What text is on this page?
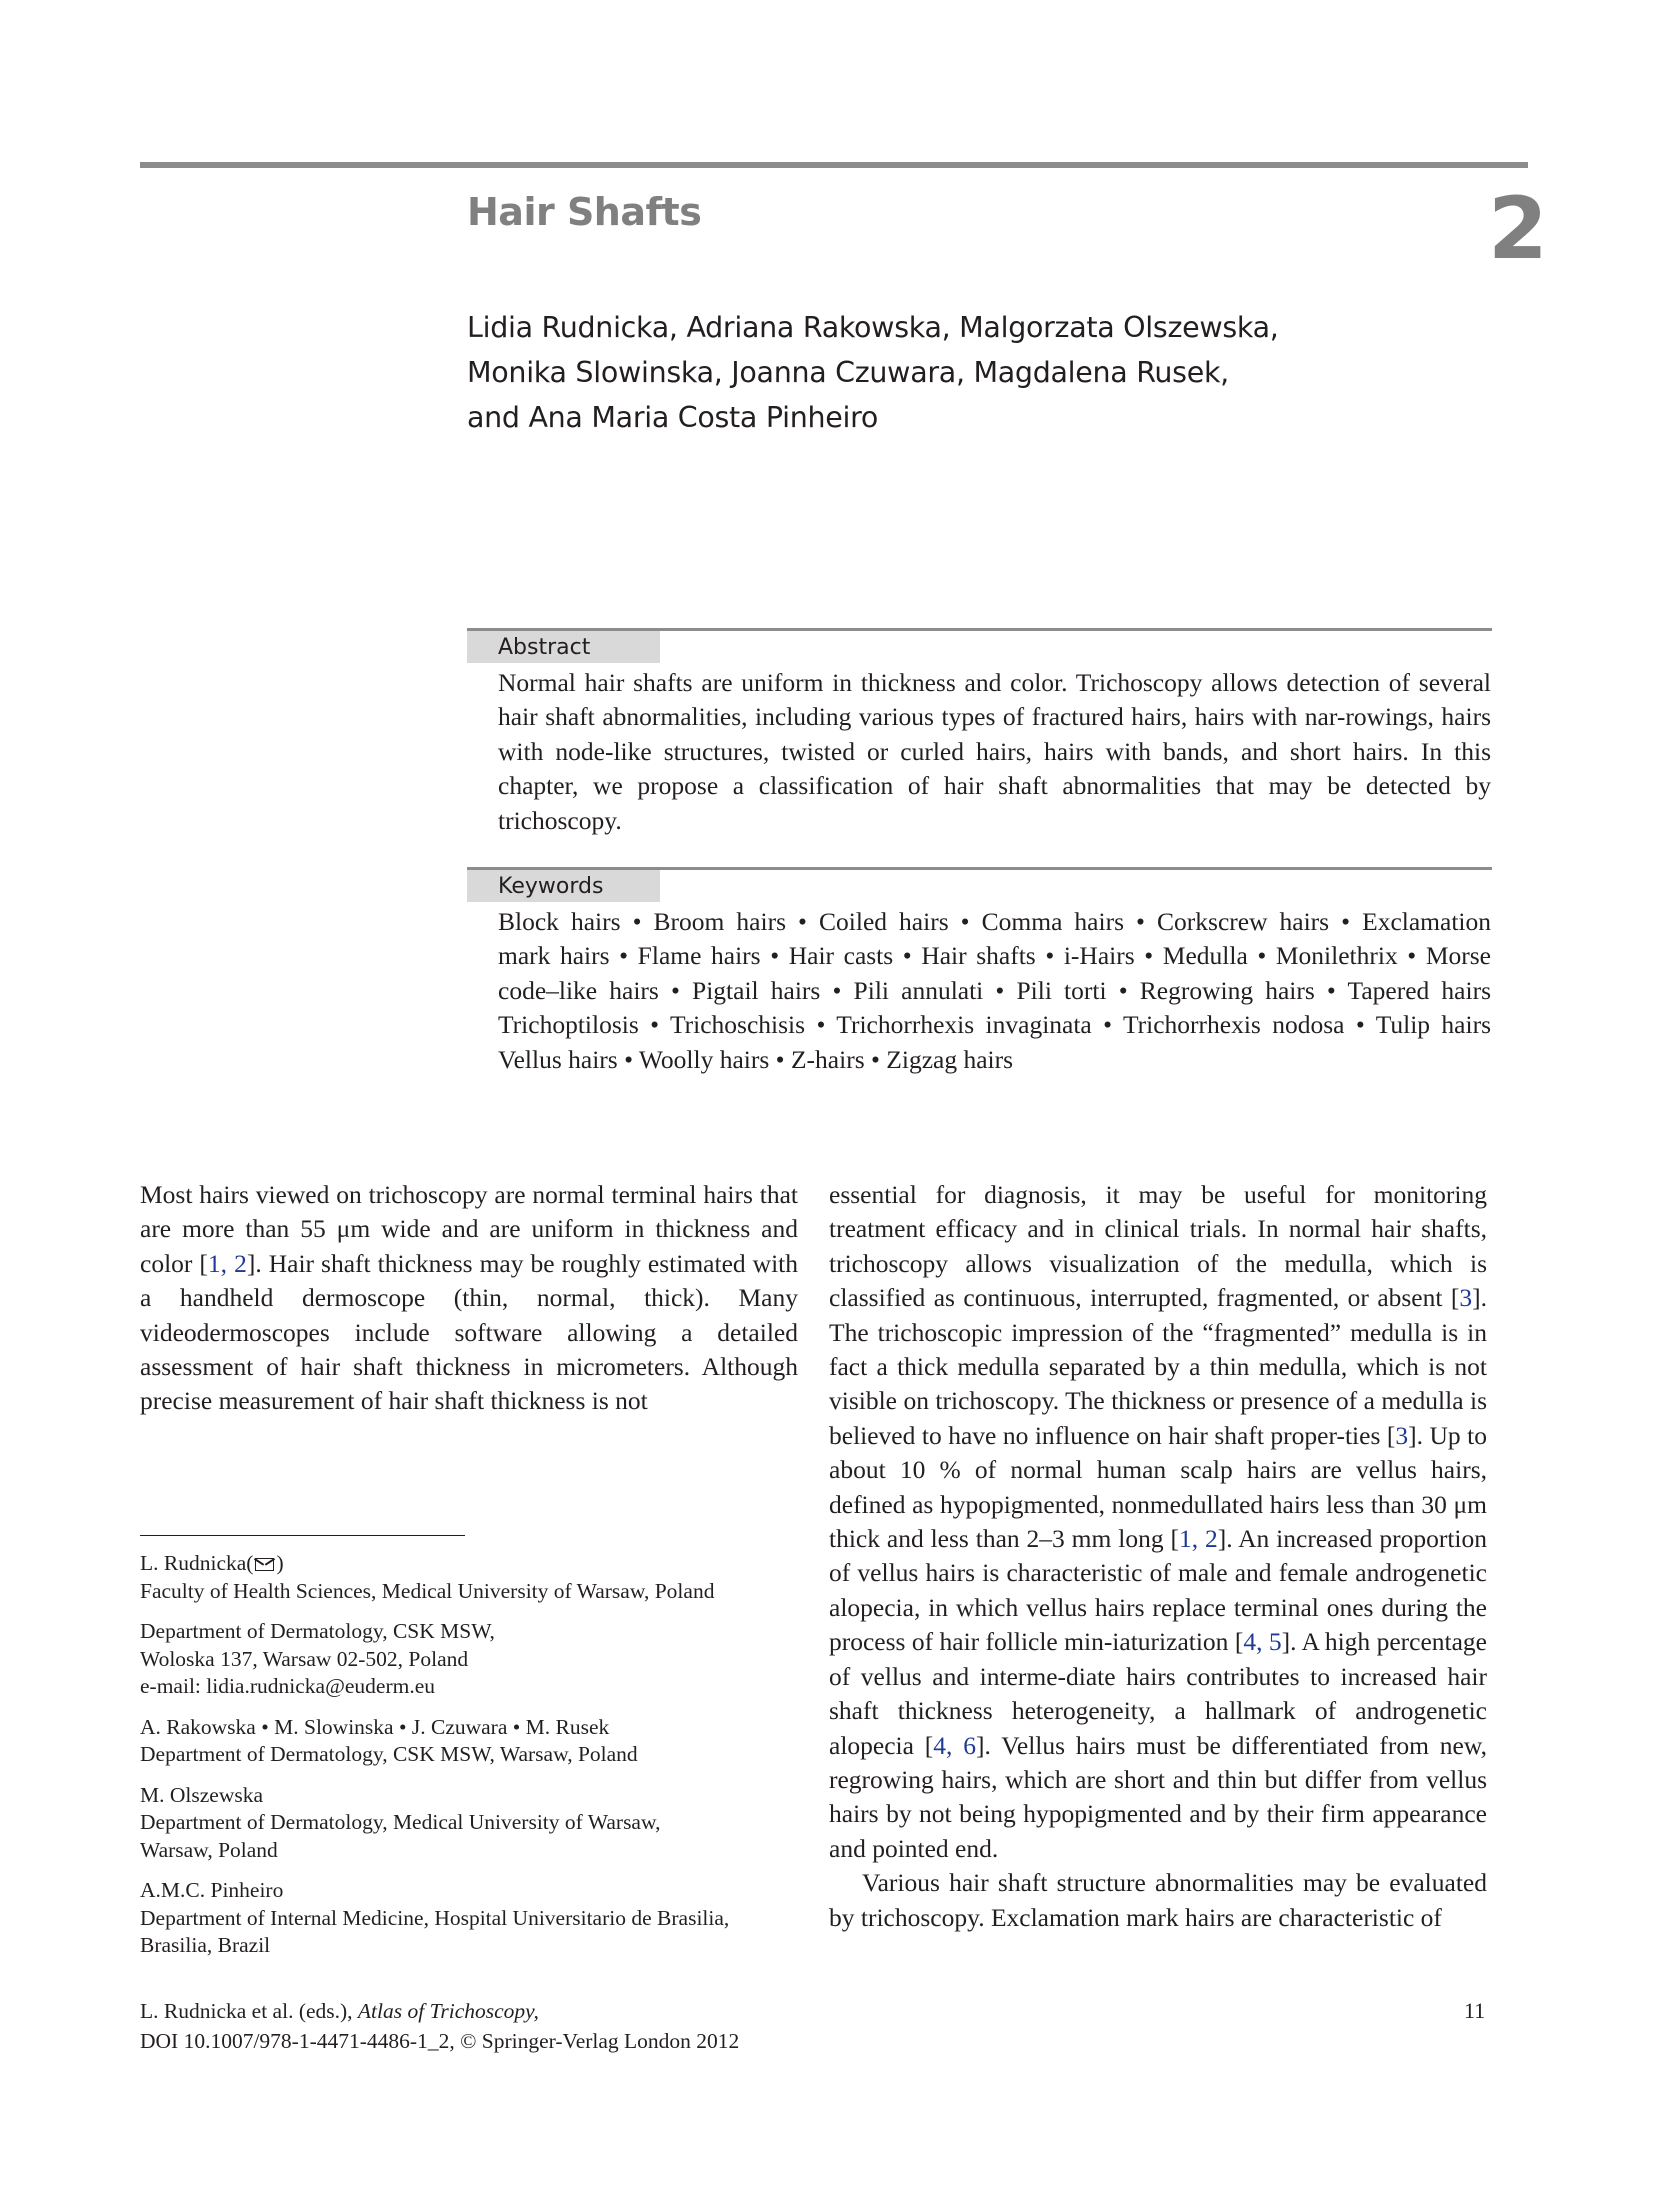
Hair Shafts	2
Lidia Rudnicka, Adriana Rakowska, Malgorzata Olszewska,
Monika Slowinska, Joanna Czuwara, Magdalena Rusek,
and Ana Maria Costa Pinheiro
Abstract
Normal hair shafts are uniform in thickness and color. Trichoscopy allows detection of several hair shaft abnormalities, including various types of fractured hairs, hairs with nar-rowings, hairs with node-like structures, twisted or curled hairs, hairs with bands, and short hairs. In this chapter, we propose a classification of hair shaft abnormalities that may be detected by trichoscopy.
Keywords
Block hairs • Broom hairs • Coiled hairs • Comma hairs • Corkscrew hairs • Exclamation
mark hairs • Flame hairs • Hair casts • Hair shafts • i-Hairs • Medulla • Monilethrix • Morse
code–like hairs • Pigtail hairs • Pili annulati • Pili torti • Regrowing hairs • Tapered hairs
Trichoptilosis • Trichoschisis • Trichorrhexis invaginata • Trichorrhexis nodosa • Tulip hairs
Vellus hairs • Woolly hairs • Z-hairs • Zigzag hairs

Most hairs viewed on trichoscopy are normal terminal hairs that are more than 55 μm wide and are uniform in thickness and color [1, 2]. Hair shaft thickness may be roughly estimated with a handheld dermoscope (thin, normal, thick). Many videodermoscopes include software allowing a detailed assessment of hair shaft thickness in micrometers. Although precise measurement of hair shaft thickness is not

essential for diagnosis, it may be useful for monitoring treatment efficacy and in clinical trials. In normal hair shafts, trichoscopy allows visualization of the medulla, which is classified as continuous, interrupted, fragmented, or absent [3]. The trichoscopic impression of the “fragmented” medulla is in fact a thick medulla separated by a thin medulla, which is not visible on trichoscopy. The thickness or presence of a medulla is believed to have no influence on hair shaft proper-ties [3]. Up to about 10 % of normal human scalp hairs are vellus hairs, defined as hypopigmented, nonmedullated hairs less than 30 μm thick and less than 2–3 mm long [1, 2]. An increased proportion of vellus hairs is characteristic of male and female androgenetic alopecia, in which vellus hairs replace terminal ones during the process of hair follicle min-iaturization [4, 5]. A high percentage of vellus and interme-diate hairs contributes to increased hair shaft thickness heterogeneity, a hallmark of androgenetic alopecia [4, 6]. Vellus hairs must be differentiated from new, regrowing hairs, which are short and thin but differ from vellus hairs by not being hypopigmented and by their firm appearance and pointed end.

Various hair shaft structure abnormalities may be evaluated by trichoscopy. Exclamation mark hairs are characteristic of

L. Rudnicka( )
Faculty of Health Sciences, Medical University of Warsaw, Poland
Department of Dermatology, CSK MSW,
Woloska 137, Warsaw 02-502, Poland
e-mail: lidia.rudnicka@euderm.eu
A. Rakowska • M. Slowinska • J. Czuwara • M. Rusek
Department of Dermatology, CSK MSW, Warsaw, Poland
M. Olszewska
Department of Dermatology, Medical University of Warsaw,
Warsaw, Poland
A.M.C. Pinheiro
Department of Internal Medicine, Hospital Universitario de Brasilia,
Brasilia, Brazil
L. Rudnicka et al. (eds.), Atlas of Trichoscopy,
DOI 10.1007/978-1-4471-4486-1_2, © Springer-Verlag London 2012
11
